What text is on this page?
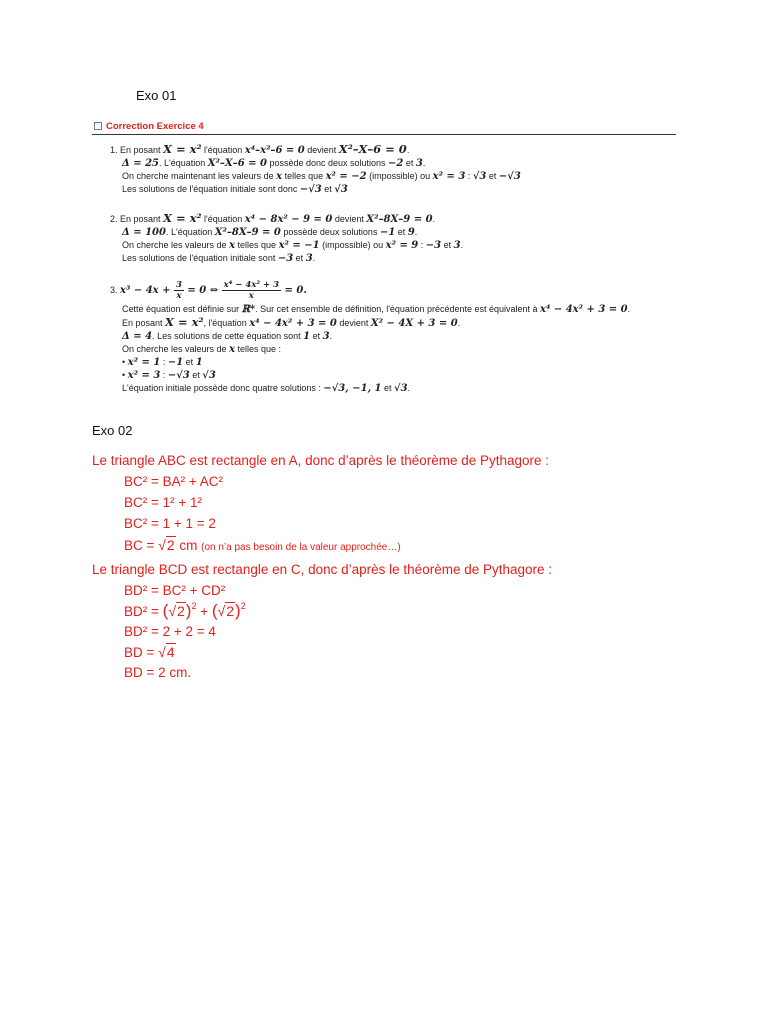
Exo 01
Correction Exercice 4
1. En posant X = x² l'équation x⁴–x²–6 = 0 devient X²–X–6 = 0.
Δ = 25. L'équation X²–X–6 = 0 possède donc deux solutions −2 et 3.
On cherche maintenant les valeurs de x telles que x² = −2 (impossible) ou x² = 3 : √3 et −√3
Les solutions de l'équation initiale sont donc −√3 et √3
2. En posant X = x² l'équation x⁴ − 8x² − 9 = 0 devient X²–8X–9 = 0.
Δ = 100. L'équation X²–8X–9 = 0 possède deux solutions −1 et 9.
On cherche les valeurs de x telles que x² = −1 (impossible) ou x² = 9 : −3 et 3.
Les solutions de l'équation initiale sont −3 et 3.
3. $x^3 - 4x + \frac{3}{x} = 0$ ⇔ $\frac{\text{x⁴ − 4x² + 3}}{x} = 0$.
Cette équation est définie sur ℝ*. Sur cet ensemble de définition, l'équation précédente est équivalent à x⁴ − 4x² + 3 = 0.
En posant X = x², l'équation x⁴ − 4x² + 3 = 0 devient X² − 4X + 3 = 0.
Δ = 4. Les solutions de cette équation sont 1 et 3.
On cherche les valeurs de x telles que :
• x² = 1 : −1 et 1
• x² = 3 : −√3 et √3
L'équation initiale possède donc quatre solutions : −√3, −1, 1 et √3.
Exo 02
Le triangle ABC est rectangle en A, donc d’après le théorème de Pythagore :
BC² = BA² + AC²
BC² = 1² + 1²
BC² = 1 + 1 = 2
BC = √2 cm (on n’a pas besoin de la valeur approchée…)
Le triangle BCD est rectangle en C, donc d’après le théorème de Pythagore :
BD² = BC² + CD²
$BD^2 = (√2)^2 + (√2)^2$
BD² = 2 + 2 = 4
BD = √4
BD = 2 cm.
